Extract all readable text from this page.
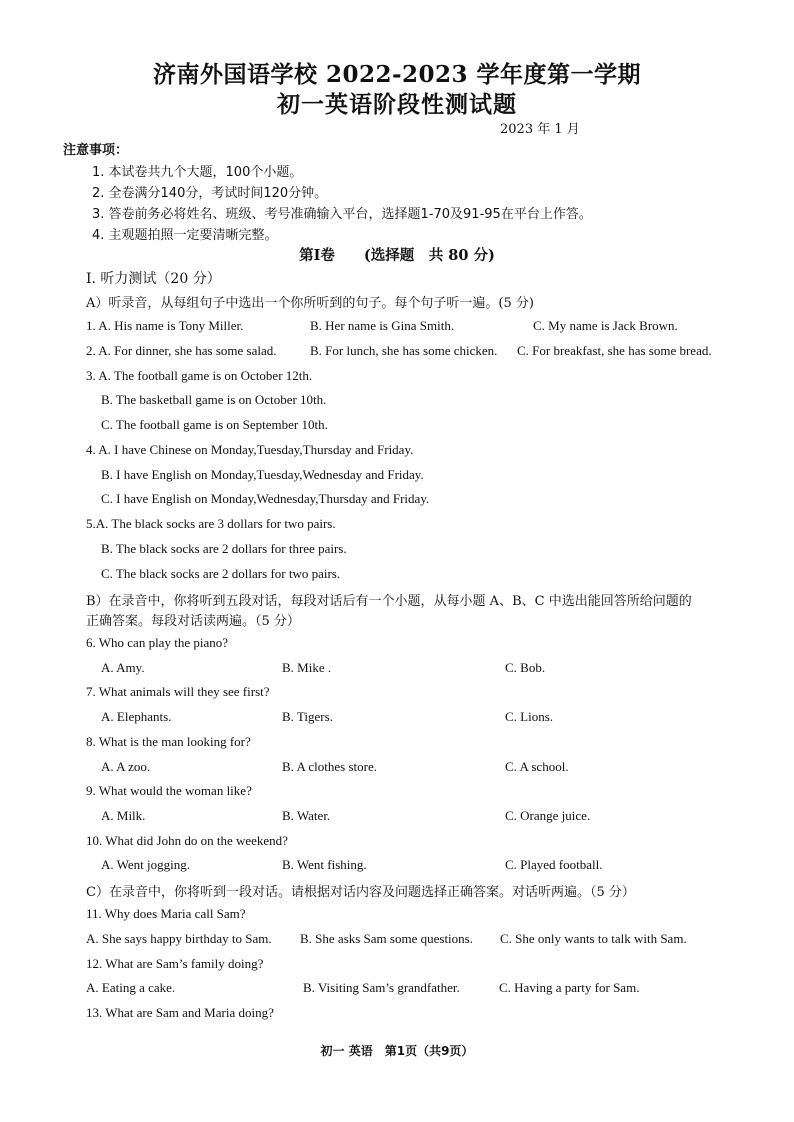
济南外国语学校 2022-2023 学年度第一学期
初一英语阶段性测试题
2023 年 1 月
注意事项：
1. 本试卷共九个大题，100个小题。
2. 全卷满分140分，考试时间120分钟。
3. 答卷前务必将姓名、班级、考号准确输入平台，选择题1-70及91-95在平台上作答。
4. 主观题拍照一定要清晰完整。
第Ⅰ卷　　(选择题　共 80 分)
I. 听力测试（20 分）
A）听录音，从每组句子中选出一个你所听到的句子。每个句子听一遍。(5 分)
1. A. His name is Tony Miller.	B. Her name is Gina Smith.	C. My name is Jack Brown.
2. A. For dinner, she has some salad.	B. For lunch, she has some chicken. C. For breakfast, she has some bread.
3. A. The football game is on October 12th.
B. The basketball game is on October 10th.
C. The football game is on September 10th.
4. A. I have Chinese on Monday,Tuesday,Thursday and Friday.
B. I have English on Monday,Tuesday,Wednesday and Friday.
C. I have English on Monday,Wednesday,Thursday and Friday.
5.A. The black socks are 3 dollars for two pairs.
B. The black socks are 2 dollars for three pairs.
C. The black socks are 2 dollars for two pairs.
B）在录音中，你将听到五段对话，每段对话后有一个小题，从每小题 A、B、C 中选出能回答所给问题的
正确答案。每段对话读两遍。（5 分）
6. Who can play the piano?
A. Amy.	B. Mike .	C. Bob.
7. What animals will they see first?
A. Elephants.	B. Tigers.	C. Lions.
8. What is the man looking for?
A. A zoo.	B. A clothes store.	C. A school.
9. What would the woman like?
A. Milk.	B. Water.	C. Orange juice.
10. What did John do on the weekend?
A. Went jogging.	B. Went fishing.	C. Played football.
C）在录音中，你将听到一段对话。请根据对话内容及问题选择正确答案。对话听两遍。（5 分）
11. Why does Maria call Sam?
A. She says happy birthday to Sam. B. She asks Sam some questions. C. She only wants to talk with Sam.
12. What are Sam’s family doing?
A. Eating a cake.	B. Visiting Sam’s grandfather.	C. Having a party for Sam.
13. What are Sam and Maria doing?
初一 英语　第1页（共9页）
